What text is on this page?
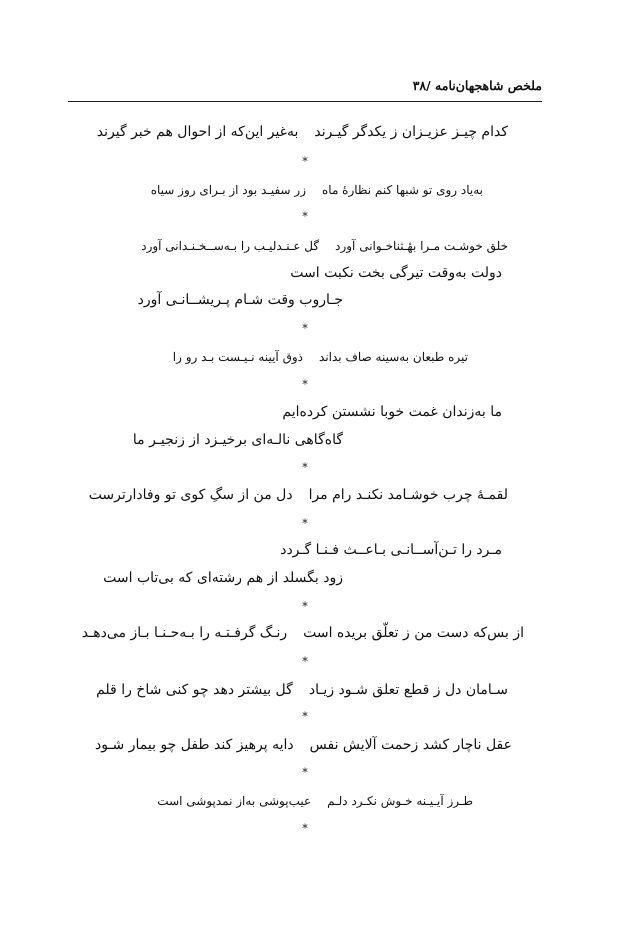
ملخص شاهجهان‌نامه /۳۸
کدام چیـز عزیـزان ز یکدگر گیـرندبه‌غیر این‌که از احوال هم خبر گیرند
*
به‌یاد روی تو شبها کنم نظارهٔ ماهزر سفیـد بود از بـرای روز سیاه
*
خلق خوشـت مـرا بهٔـثناخـوانی آوردگل عـنـدلیـب را بـه‌ســخـنـدانی آورد
دولت به‌وقت تیرگی بخت نکبت است
جـاروب وقت شـام پـریشــانـی آورد
*
تیره طبعان به‌سینه صاف بداندذوق آیینه نـیـست بـد رو را
*
ما به‌زندان غمت خوبا نشستن کرده‌ایم
گاه‌گاهی نالـه‌ای برخیـزد از زنجیـر ما
*
لقمـهٔ چرب خوشـامد نکنـد رام مرادل من از سگِ کوی تو وفادارترست
*
مـرد را تـن‌آســانـی بـاعــث فـنـا گـردد
زود بگسلد از هم رشته‌ای که بی‌تاب است
*
از بس‌که دست من ز تعلّق بریده استرنـگ گرفـتـه را بـه‌حـنـا بـاز می‌دهـد
*
سـامان دل ز قطع تعلق شـود زیـادگل بیشتر دهد چو کنی شاخ را قلم
*
عقل ناچار کشد زحمت آلایش نفسدایه پرهیز کند طفل چو بیمار شـود
*
طـرز آیـیـنه خـوش نکـرد دلـمعیب‌پوشی به‌از نمدپوشی است
*
